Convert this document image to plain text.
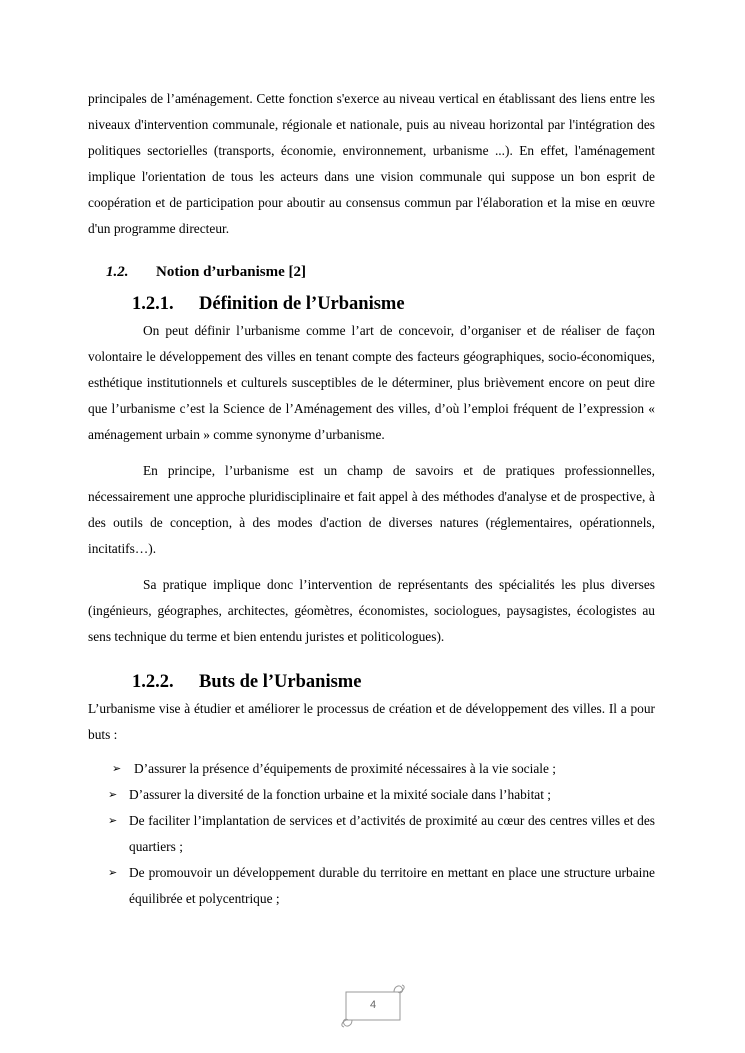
principales de l’aménagement. Cette fonction s'exerce au niveau vertical en établissant des liens entre les niveaux d'intervention communale, régionale et nationale, puis au niveau horizontal par l'intégration des politiques sectorielles (transports, économie, environnement, urbanisme ...). En effet, l'aménagement implique l'orientation de tous les acteurs dans une vision communale qui suppose un bon esprit de coopération et de participation pour aboutir au consensus commun par l'élaboration et la mise en œuvre d'un programme directeur.

1.2. Notion d’urbanisme [2]
1.2.1. Définition de l’Urbanisme

On peut définir l’urbanisme comme l’art de concevoir, d’organiser et de réaliser de façon volontaire le développement des villes en tenant compte des facteurs géographiques, socio-économiques, esthétique institutionnels et culturels susceptibles de le déterminer, plus brièvement encore on peut dire que l’urbanisme c’est la Science de l’Aménagement des villes, d’où l’emploi fréquent de l’expression « aménagement urbain » comme synonyme d’urbanisme.

En principe, l’urbanisme est un champ de savoirs et de pratiques professionnelles, nécessairement une approche pluridisciplinaire et fait appel à des méthodes d'analyse et de prospective, à des outils de conception, à des modes d'action de diverses natures (réglementaires, opérationnels, incitatifs…).

Sa pratique implique donc l’intervention de représentants des spécialités les plus diverses (ingénieurs, géographes, architectes, géomètres, économistes, sociologues, paysagistes, écologistes au sens technique du terme et bien entendu juristes et politicologues).

1.2.2. Buts de l’Urbanisme

L’urbanisme vise à étudier et améliorer le processus de création et de développement des villes. Il a pour buts :

➢ D’assurer la présence d’équipements de proximité nécessaires à la vie sociale ;
➢ D’assurer la diversité de la fonction urbaine et la mixité sociale dans l’habitat ;
➢ De faciliter l’implantation de services et d’activités de proximité au cœur des centres villes et des quartiers ;
➢ De promouvoir un développement durable du territoire en mettant en place une structure urbaine équilibrée et polycentrique ;
4
